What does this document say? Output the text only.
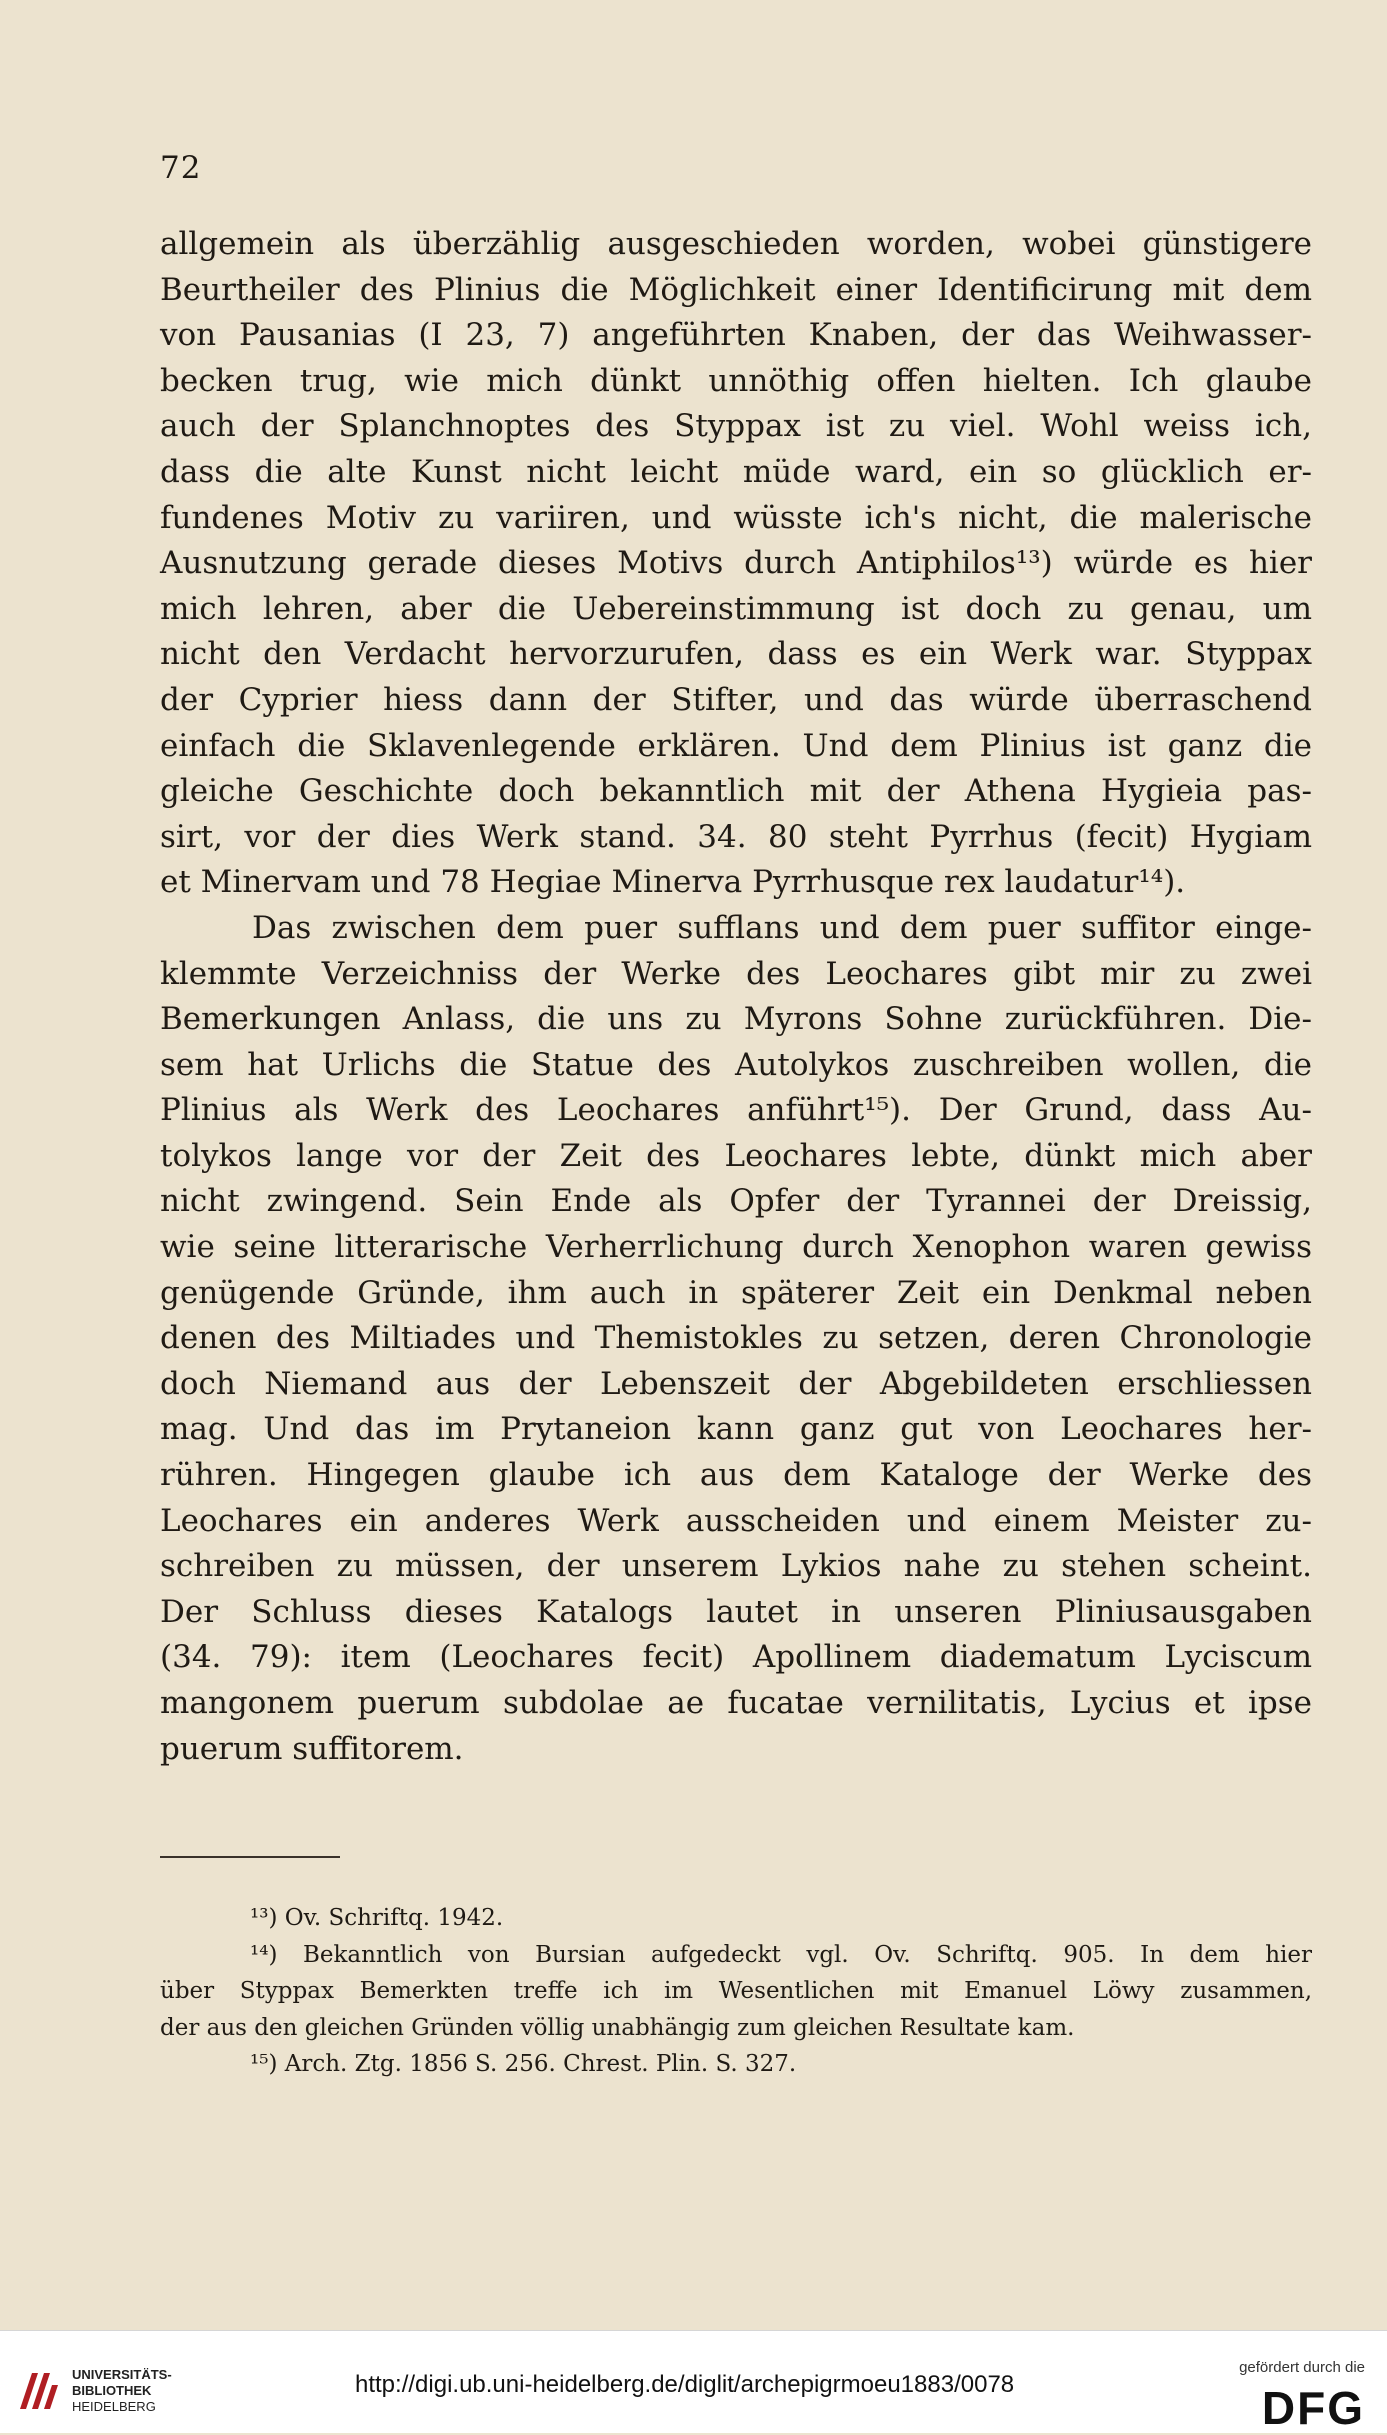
72
allgemein als überzählig ausgeschieden worden, wobei günstigere
Beurtheiler des Plinius die Möglichkeit einer Identificirung mit dem
von Pausanias (I 23, 7) angeführten Knaben, der das Weihwasser-
becken trug, wie mich dünkt unnöthig offen hielten. Ich glaube
auch der Splanchnoptes des Styppax ist zu viel. Wohl weiss ich,
dass die alte Kunst nicht leicht müde ward, ein so glücklich er-
fundenes Motiv zu variiren, und wüsste ich's nicht, die malerische
Ausnutzung gerade dieses Motivs durch Antiphilos¹³) würde es hier
mich lehren, aber die Uebereinstimmung ist doch zu genau, um
nicht den Verdacht hervorzurufen, dass es ein Werk war. Styppax
der Cyprier hiess dann der Stifter, und das würde überraschend
einfach die Sklavenlegende erklären. Und dem Plinius ist ganz die
gleiche Geschichte doch bekanntlich mit der Athena Hygieia pas-
sirt, vor der dies Werk stand. 34. 80 steht Pyrrhus (fecit) Hygiam
et Minervam und 78 Hegiae Minerva Pyrrhusque rex laudatur¹⁴).
Das zwischen dem puer sufflans und dem puer suffitor einge-
klemmte Verzeichniss der Werke des Leochares gibt mir zu zwei
Bemerkungen Anlass, die uns zu Myrons Sohne zurückführen. Die-
sem hat Urlichs die Statue des Autolykos zuschreiben wollen, die
Plinius als Werk des Leochares anführt¹⁵). Der Grund, dass Au-
tolykos lange vor der Zeit des Leochares lebte, dünkt mich aber
nicht zwingend. Sein Ende als Opfer der Tyrannei der Dreissig,
wie seine litterarische Verherrlichung durch Xenophon waren gewiss
genügende Gründe, ihm auch in späterer Zeit ein Denkmal neben
denen des Miltiades und Themistokles zu setzen, deren Chronologie
doch Niemand aus der Lebenszeit der Abgebildeten erschliessen
mag. Und das im Prytaneion kann ganz gut von Leochares her-
rühren. Hingegen glaube ich aus dem Kataloge der Werke des
Leochares ein anderes Werk ausscheiden und einem Meister zu-
schreiben zu müssen, der unserem Lykios nahe zu stehen scheint.
Der Schluss dieses Katalogs lautet in unseren Pliniusausgaben
(34. 79): item (Leochares fecit) Apollinem diadematum Lyciscum
mangonem puerum subdolae ae fucatae vernilitatis, Lycius et ipse
puerum suffitorem.
¹³) Ov. Schriftq. 1942.
¹⁴) Bekanntlich von Bursian aufgedeckt vgl. Ov. Schriftq. 905. In dem hier
über Styppax Bemerkten treffe ich im Wesentlichen mit Emanuel Löwy zusammen,
der aus den gleichen Gründen völlig unabhängig zum gleichen Resultate kam.
¹⁵) Arch. Ztg. 1856 S. 256. Chrest. Plin. S. 327.
UNIVERSITÄTS-
BIBLIOTHEK
HEIDELBERG
http://digi.ub.uni-heidelberg.de/diglit/archepigrmoeu1883/0078
gefördert durch die
DFG
